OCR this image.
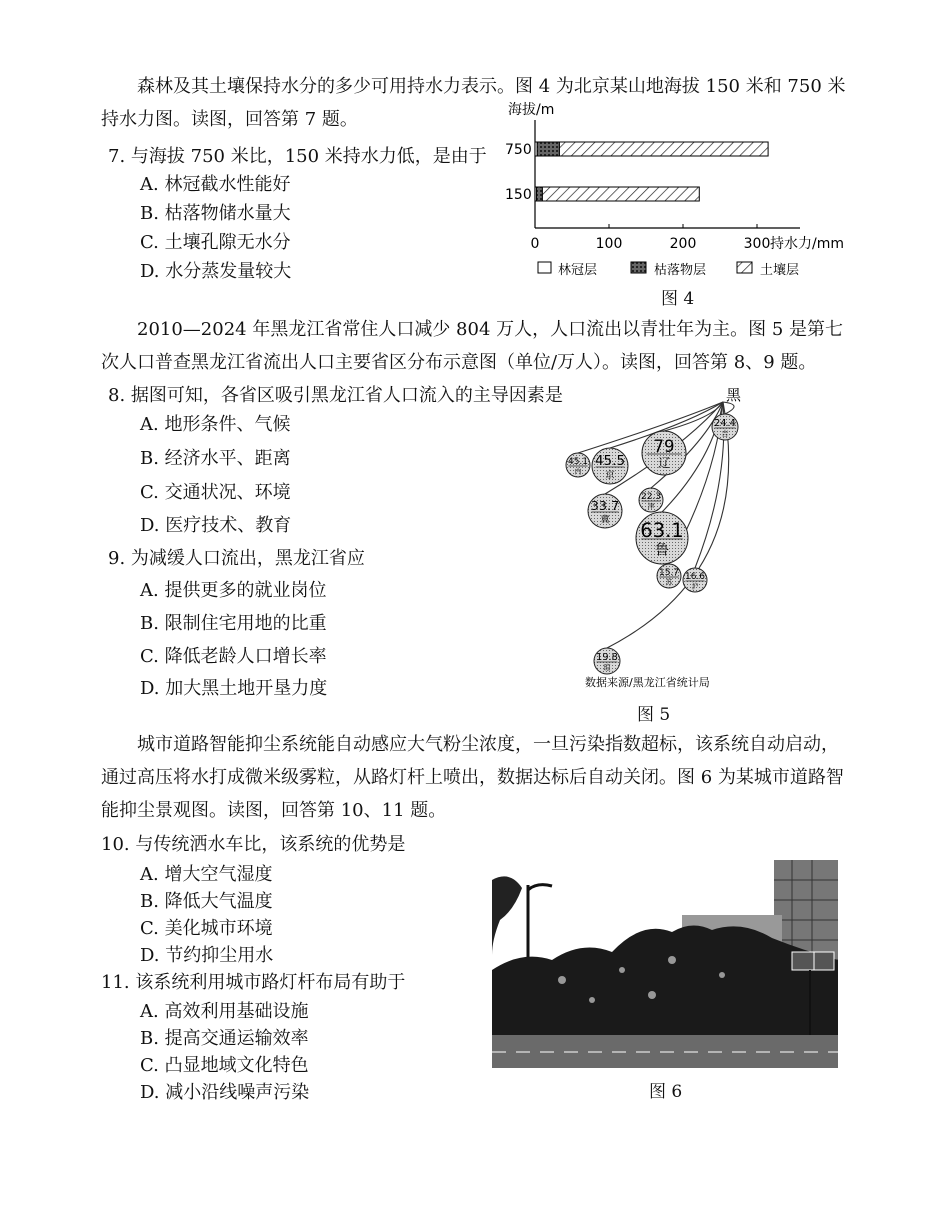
森林及其土壤保持水分的多少可用持水力表示。图 4 为北京某山地海拔 150 米和 750 米持水力图。读图，回答第 7 题。
7. 与海拔 750 米比，150 米持水力低，是由于
A. 林冠截水性能好
B. 枯落物储水量大
C. 土壤孔隙无水分
D. 水分蒸发量较大
海拔/m
750
150
0	100	200	300 持水力/mm
林冠层	枯落物层	土壤层
图 4
2010—2024 年黑龙江省常住人口减少 804 万人，人口流出以青壮年为主。图 5 是第七次人口普查黑龙江省流出人口主要省区分布示意图（单位/万人）。读图，回答第 8、9 题。
8. 据图可知，各省区吸引黑龙江省人口流入的主导因素是
A. 地形条件、气候
B. 经济水平、距离
C. 交通状况、环境
D. 医疗技术、教育
9. 为减缓人口流出，黑龙江省应
A. 提供更多的就业岗位
B. 限制住宅用地的比重
C. 降低老龄人口增长率
D. 加大黑土地开垦力度
黑
24.4
吉
79
辽
45.5
京
45.1
内
22.3
津
33.7
冀 63.1
鲁
15.7
苏
16.6
沪
19.8
琼
数据来源/黑龙江省统计局
图 5
城市道路智能抑尘系统能自动感应大气粉尘浓度，一旦污染指数超标，该系统自动启动，通过高压将水打成微米级雾粒，从路灯杆上喷出，数据达标后自动关闭。图 6 为某城市道路智能抑尘景观图。读图，回答第 10、11 题。
10. 与传统洒水车比，该系统的优势是
A. 增大空气湿度
B. 降低大气温度
C. 美化城市环境
D. 节约抑尘用水
11. 该系统利用城市路灯杆布局有助于
A. 高效利用基础设施
B. 提高交通运输效率
C. 凸显地域文化特色
D. 减小沿线噪声污染	图 6
